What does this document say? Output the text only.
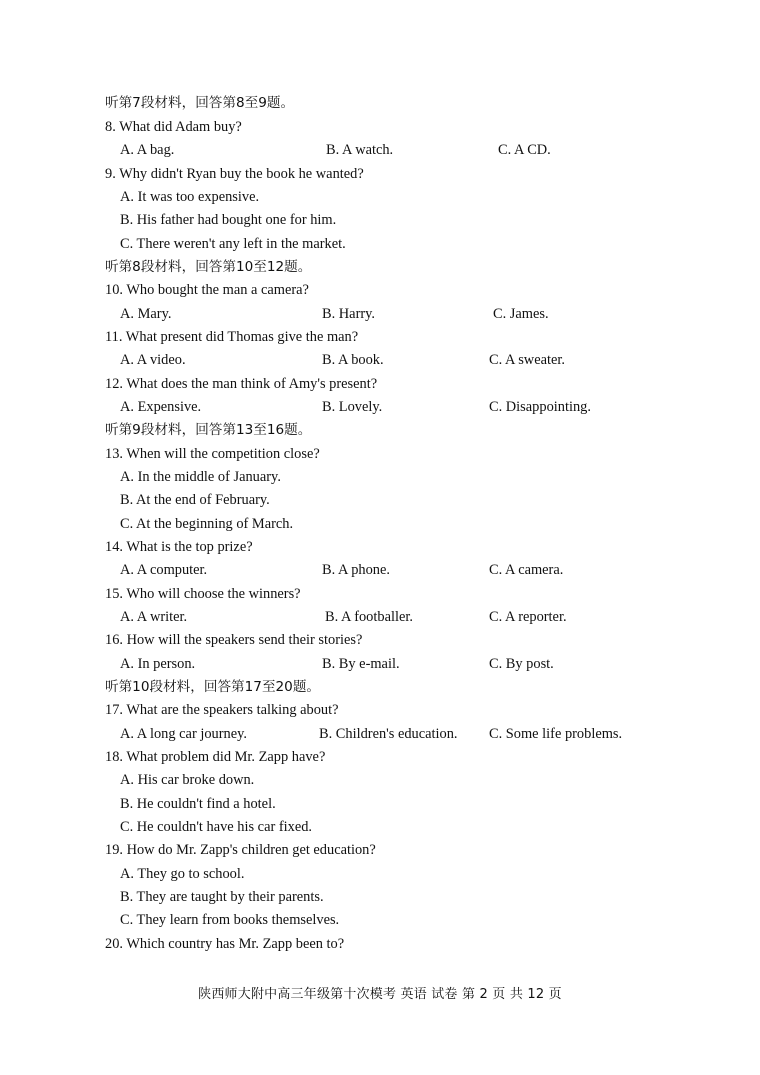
听第7段材料，回答第8至9题。
8. What did Adam buy?
A. A bag.	B. A watch.	C. A CD.
9. Why didn't Ryan buy the book he wanted?
A. It was too expensive.
B. His father had bought one for him.
C. There weren't any left in the market.
听第8段材料，回答第10至12题。
10. Who bought the man a camera?
A. Mary.	B. Harry.	C. James.
11. What present did Thomas give the man?
A. A video.	B. A book.	C. A sweater.
12. What does the man think of Amy's present?
A. Expensive.	B. Lovely.	C. Disappointing.
听第9段材料，回答第13至16题。
13. When will the competition close?
A. In the middle of January.
B. At the end of February.
C. At the beginning of March.
14. What is the top prize?
A. A computer.	B. A phone.	C. A camera.
15. Who will choose the winners?
A. A writer.	B. A footballer.	C. A reporter.
16. How will the speakers send their stories?
A. In person.	B. By e-mail.	C. By post.
听第10段材料，回答第17至20题。
17. What are the speakers talking about?
A. A long car journey.	B. Children's education. C. Some life problems.
18. What problem did Mr. Zapp have?
A. His car broke down.
B. He couldn't find a hotel.
C. He couldn't have his car fixed.
19. How do Mr. Zapp's children get education?
A. They go to school.
B. They are taught by their parents.
C. They learn from books themselves.
20. Which country has Mr. Zapp been to?
陕西师大附中高三年级第十次模考 英语 试卷 第 2 页 共 12 页
